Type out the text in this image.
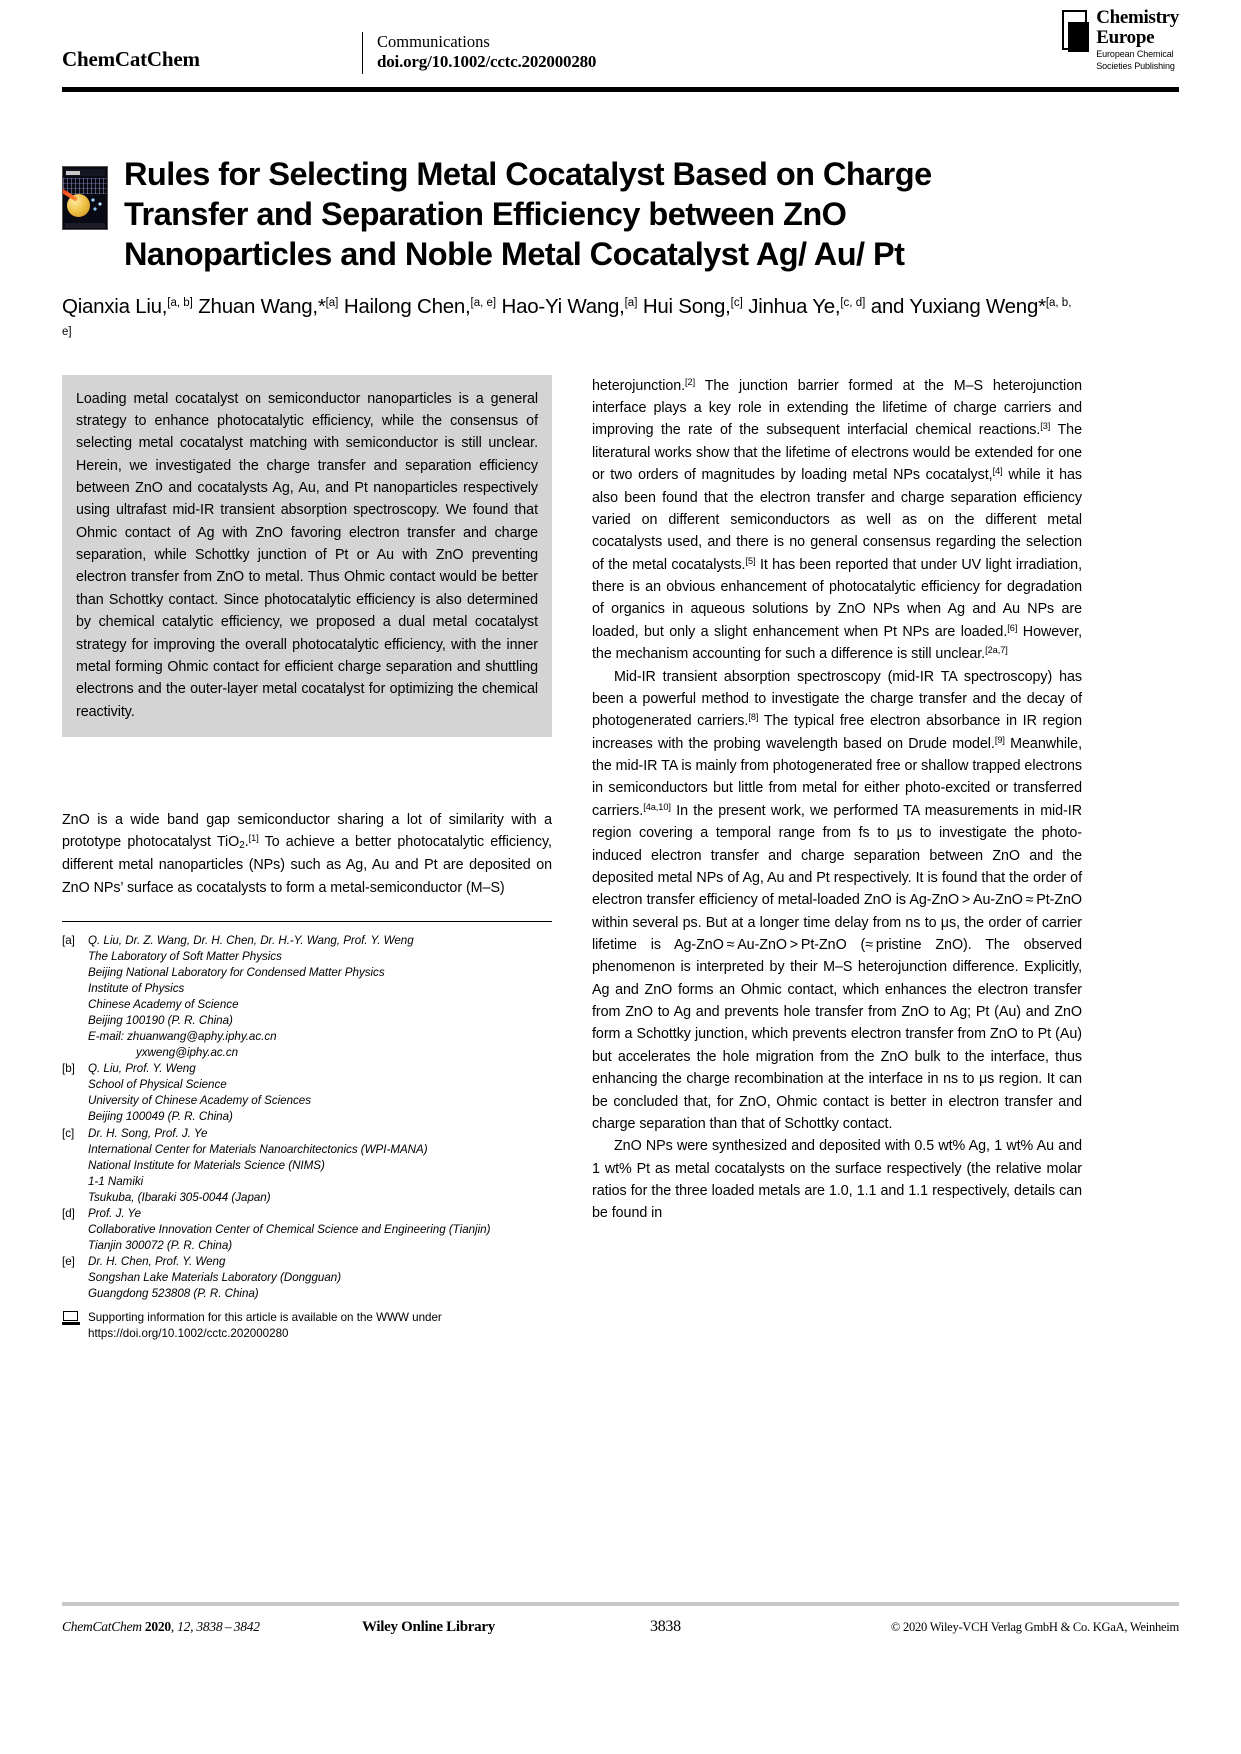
ChemCatChem
Communications
doi.org/10.1002/cctc.202000280
Chemistry
Europe
European Chemical
Societies Publishing
Rules for Selecting Metal Cocatalyst Based on Charge Transfer and Separation Efficiency between ZnO Nanoparticles and Noble Metal Cocatalyst Ag/ Au/ Pt
Qianxia Liu,[a, b] Zhuan Wang,*[a] Hailong Chen,[a, e] Hao-Yi Wang,[a] Hui Song,[c] Jinhua Ye,[c, d] and Yuxiang Weng*[a, b, e]
Loading metal cocatalyst on semiconductor nanoparticles is a general strategy to enhance photocatalytic efficiency, while the consensus of selecting metal cocatalyst matching with semiconductor is still unclear. Herein, we investigated the charge transfer and separation efficiency between ZnO and cocatalysts Ag, Au, and Pt nanoparticles respectively using ultrafast mid-IR transient absorption spectroscopy. We found that Ohmic contact of Ag with ZnO favoring electron transfer and charge separation, while Schottky junction of Pt or Au with ZnO preventing electron transfer from ZnO to metal. Thus Ohmic contact would be better than Schottky contact. Since photocatalytic efficiency is also determined by chemical catalytic efficiency, we proposed a dual metal cocatalyst strategy for improving the overall photocatalytic efficiency, with the inner metal forming Ohmic contact for efficient charge separation and shuttling electrons and the outer-layer metal cocatalyst for optimizing the chemical reactivity.

ZnO is a wide band gap semiconductor sharing a lot of similarity with a prototype photocatalyst TiO$_2$.[1] To achieve a better photocatalytic efficiency, different metal nanoparticles (NPs) such as Ag, Au and Pt are deposited on ZnO NPs’ surface as cocatalysts to form a metal-semiconductor (M–S)

[a]	Q. Liu, Dr. Z. Wang, Dr. H. Chen, Dr. H.-Y. Wang, Prof. Y. Weng
The Laboratory of Soft Matter Physics
Beijing National Laboratory for Condensed Matter Physics
Institute of Physics
Chinese Academy of Science
Beijing 100190 (P. R. China)
E-mail: zhuanwang@aphy.iphy.ac.cn
yxweng@iphy.ac.cn
[b]	Q. Liu, Prof. Y. Weng
School of Physical Science
University of Chinese Academy of Sciences
Beijing 100049 (P. R. China)
[c]	Dr. H. Song, Prof. J. Ye
International Center for Materials Nanoarchitectonics (WPI-MANA)
National Institute for Materials Science (NIMS)
1-1 Namiki
Tsukuba, (Ibaraki 305-0044 (Japan)
[d]	Prof. J. Ye
Collaborative Innovation Center of Chemical Science and Engineering (Tianjin)
Tianjin 300072 (P. R. China)
[e]	Dr. H. Chen, Prof. Y. Weng
Songshan Lake Materials Laboratory (Dongguan)
Guangdong 523808 (P. R. China)
Supporting information for this article is available on the WWW under
https://doi.org/10.1002/cctc.202000280

heterojunction.[2] The junction barrier formed at the M–S heterojunction interface plays a key role in extending the lifetime of charge carriers and improving the rate of the subsequent interfacial chemical reactions.[3] The literatural works show that the lifetime of electrons would be extended for one or two orders of magnitudes by loading metal NPs cocatalyst,[4] while it has also been found that the electron transfer and charge separation efficiency varied on different semiconductors as well as on the different metal cocatalysts used, and there is no general consensus regarding the selection of the metal cocatalysts.[5] It has been reported that under UV light irradiation, there is an obvious enhancement of photocatalytic efficiency for degradation of organics in aqueous solutions by ZnO NPs when Ag and Au NPs are loaded, but only a slight enhancement when Pt NPs are loaded.[6] However, the mechanism accounting for such a difference is still unclear.[2a,7]

Mid-IR transient absorption spectroscopy (mid-IR TA spectroscopy) has been a powerful method to investigate the charge transfer and the decay of photogenerated carriers.[8] The typical free electron absorbance in IR region increases with the probing wavelength based on Drude model.[9] Meanwhile, the mid-IR TA is mainly from photogenerated free or shallow trapped electrons in semiconductors but little from metal for either photo-excited or transferred carriers.[4a,10] In the present work, we performed TA measurements in mid-IR region covering a temporal range from fs to μs to investigate the photo-induced electron transfer and charge separation between ZnO and the deposited metal NPs of Ag, Au and Pt respectively. It is found that the order of electron transfer efficiency of metal-loaded ZnO is Ag-ZnO > Au-ZnO ≈ Pt-ZnO within several ps. But at a longer time delay from ns to μs, the order of carrier lifetime is Ag-ZnO ≈ Au-ZnO > Pt-ZnO (≈ pristine ZnO). The observed phenomenon is interpreted by their M–S heterojunction difference. Explicitly, Ag and ZnO forms an Ohmic contact, which enhances the electron transfer from ZnO to Ag and prevents hole transfer from ZnO to Ag; Pt (Au) and ZnO form a Schottky junction, which prevents electron transfer from ZnO to Pt (Au) but accelerates the hole migration from the ZnO bulk to the interface, thus enhancing the charge recombination at the interface in ns to μs region. It can be concluded that, for ZnO, Ohmic contact is better in electron transfer and charge separation than that of Schottky contact.

ZnO NPs were synthesized and deposited with 0.5 wt% Ag, 1 wt% Au and 1 wt% Pt as metal cocatalysts on the surface respectively (the relative molar ratios for the three loaded metals are 1.0, 1.1 and 1.1 respectively, details can be found in

ChemCatChem 2020, 12, 3838 – 3842	Wiley Online Library	3838	© 2020 Wiley-VCH Verlag GmbH & Co. KGaA, Weinheim
